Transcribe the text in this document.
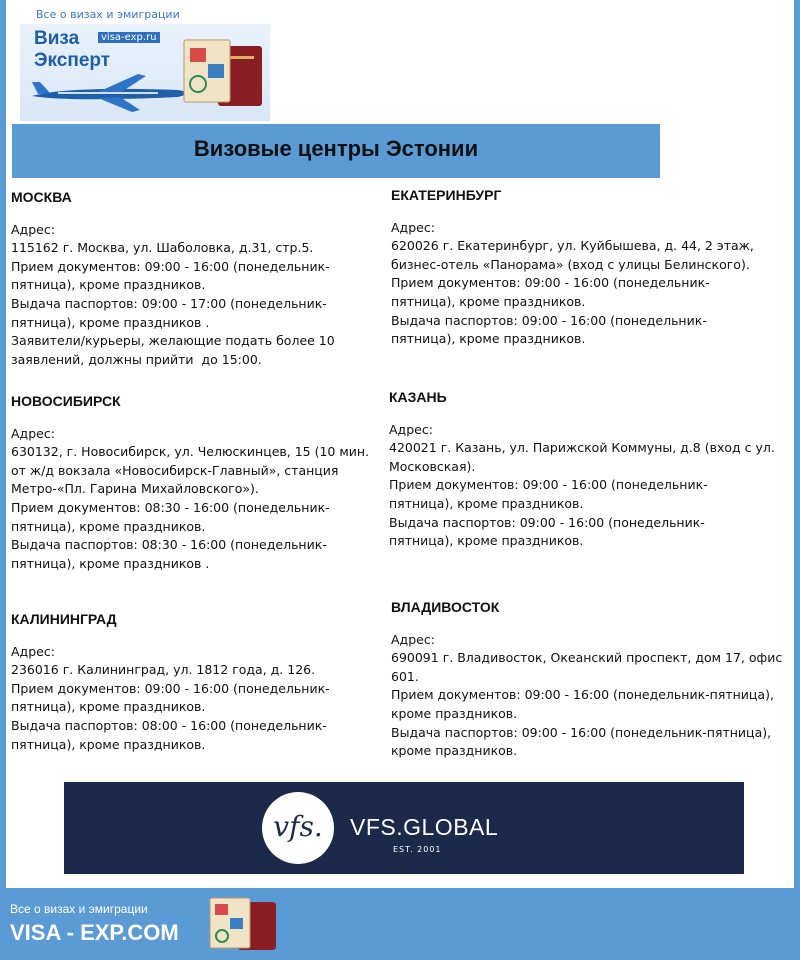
Все о визах и эмиграции
Виза
Эксперт
visa-exp.ru
Визовые центры Эстонии
МОСКВА
Адрес:
115162 г. Москва, ул. Шаболовка, д.31, стр.5.
Прием документов: 09:00 - 16:00 (понедельник-
пятница), кроме праздников.
Выдача паспортов: 09:00 - 17:00 (понедельник-
пятница), кроме праздников .
Заявители/курьеры, желающие подать более 10
заявлений, должны прийти  до 15:00.
НОВОСИБИРСК
Адрес:
630132, г. Новосибирск, ул. Челюскинцев, 15 (10 мин.
от ж/д вокзала «Новосибирск-Главный», станция
Метро-«Пл. Гарина Михайловского»).
Прием документов: 08:30 - 16:00 (понедельник-
пятница), кроме праздников.
Выдача паспортов: 08:30 - 16:00 (понедельник-
пятница), кроме праздников .
КАЛИНИНГРАД
Адрес:
236016 г. Калининград, ул. 1812 года, д. 126.
Прием документов: 09:00 - 16:00 (понедельник-
пятница), кроме праздников.
Выдача паспортов: 08:00 - 16:00 (понедельник-
пятница), кроме праздников.
ЕКАТЕРИНБУРГ
Адрес:
620026 г. Екатеринбург, ул. Куйбышева, д. 44, 2 этаж,
бизнес-отель «Панорама» (вход с улицы Белинского).
Прием документов: 09:00 - 16:00 (понедельник-
пятница), кроме праздников.
Выдача паспортов: 09:00 - 16:00 (понедельник-
пятница), кроме праздников.
КАЗАНЬ
Адрес:
420021 г. Казань, ул. Парижской Коммуны, д.8 (вход с ул.
Московская).
Прием документов: 09:00 - 16:00 (понедельник-
пятница), кроме праздников.
Выдача паспортов: 09:00 - 16:00 (понедельник-
пятница), кроме праздников.
ВЛАДИВОСТОК
Адрес:
690091 г. Владивосток, Океанский проспект, дом 17, офис
601.
Прием документов: 09:00 - 16:00 (понедельник-пятница),
кроме праздников.
Выдача паспортов: 09:00 - 16:00 (понедельник-пятница),
кроме праздников.
vfs.	VFS.GLOBAL
EST. 2001
Все о визах и эмиграции
VISA - EXP.COM
